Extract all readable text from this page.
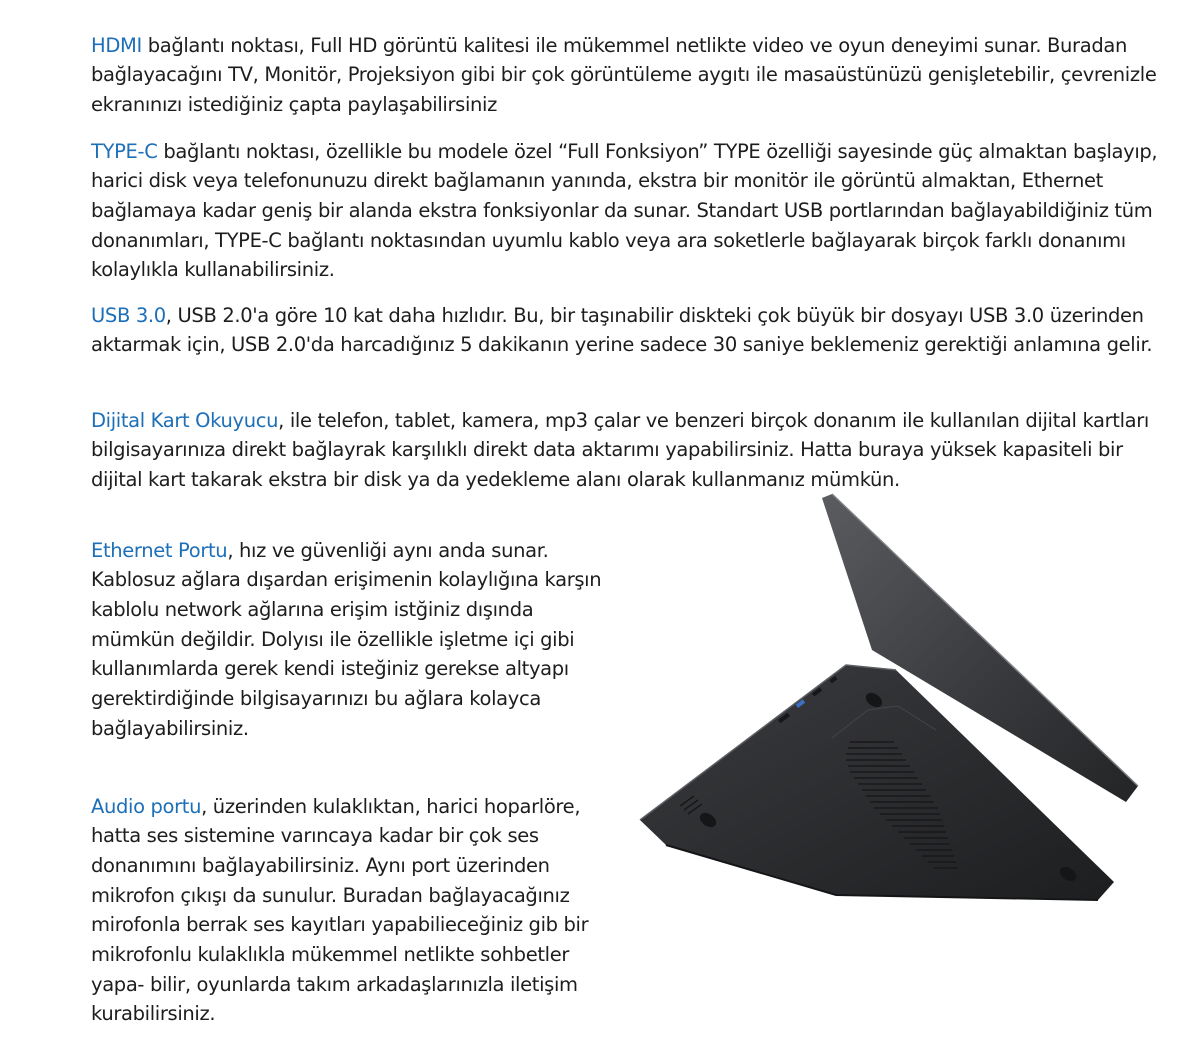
HDMI bağlantı noktası, Full HD görüntü kalitesi ile mükemmel netlikte video ve oyun deneyimi sunar. Buradan bağlayacağını TV, Monitör, Projeksiyon gibi bir çok görüntüleme aygıtı ile masaüstünüzü genişletebilir, çevrenizle ekranınızı istediğiniz çapta paylaşabilirsiniz

TYPE-C bağlantı noktası, özellikle bu modele özel “Full Fonksiyon” TYPE özelliği sayesinde güç almaktan başlayıp, harici disk veya telefonunuzu direkt bağlamanın yanında, ekstra bir monitör ile görüntü almaktan, Ethernet bağlamaya kadar geniş bir alanda ekstra fonksiyonlar da sunar. Standart USB portlarından bağlayabildiğiniz tüm donanımları, TYPE-C bağlantı noktasından uyumlu kablo veya ara soketlerle bağlayarak birçok farklı donanımı kolaylıkla kullanabilirsiniz.

USB 3.0, USB 2.0'a göre 10 kat daha hızlıdır. Bu, bir taşınabilir diskteki çok büyük bir dosyayı USB 3.0 üzerinden aktarmak için, USB 2.0'da harcadığınız 5 dakikanın yerine sadece 30 saniye beklemeniz gerektiği anlamına gelir.

Dijital Kart Okuyucu, ile telefon, tablet, kamera, mp3 çalar ve benzeri birçok donanım ile kullanılan dijital kartları bilgisayarınıza direkt bağlayrak karşılıklı direkt data aktarımı yapabilirsiniz. Hatta buraya yüksek kapasiteli bir dijital kart takarak ekstra bir disk ya da yedekleme alanı olarak kullanmanız mümkün.

Ethernet Portu, hız ve güvenliği aynı anda sunar. Kablosuz ağlara dışardan erişimenin kolaylığına karşın kablolu network ağlarına erişim istğiniz dışında mümkün değildir. Dolyısı ile özellikle işletme içi gibi kullanımlarda gerek kendi isteğiniz gerekse altyapı gerektirdiğinde bilgisayarınızı bu ağlara kolayca bağlayabilirsiniz.

Audio portu, üzerinden kulaklıktan, harici hoparlöre, hatta ses sistemine varıncaya kadar bir çok ses donanımını bağlayabilirsiniz. Aynı port üzerinden mikrofon çıkışı da sunulur. Buradan bağlayacağınız mirofonla berrak ses kayıtları yapabilieceğiniz gib bir mikrofonlu kulaklıkla mükemmel netlikte sohbetler yapa- bilir, oyunlarda takım arkadaşlarınızla iletişim kurabilirsiniz.
